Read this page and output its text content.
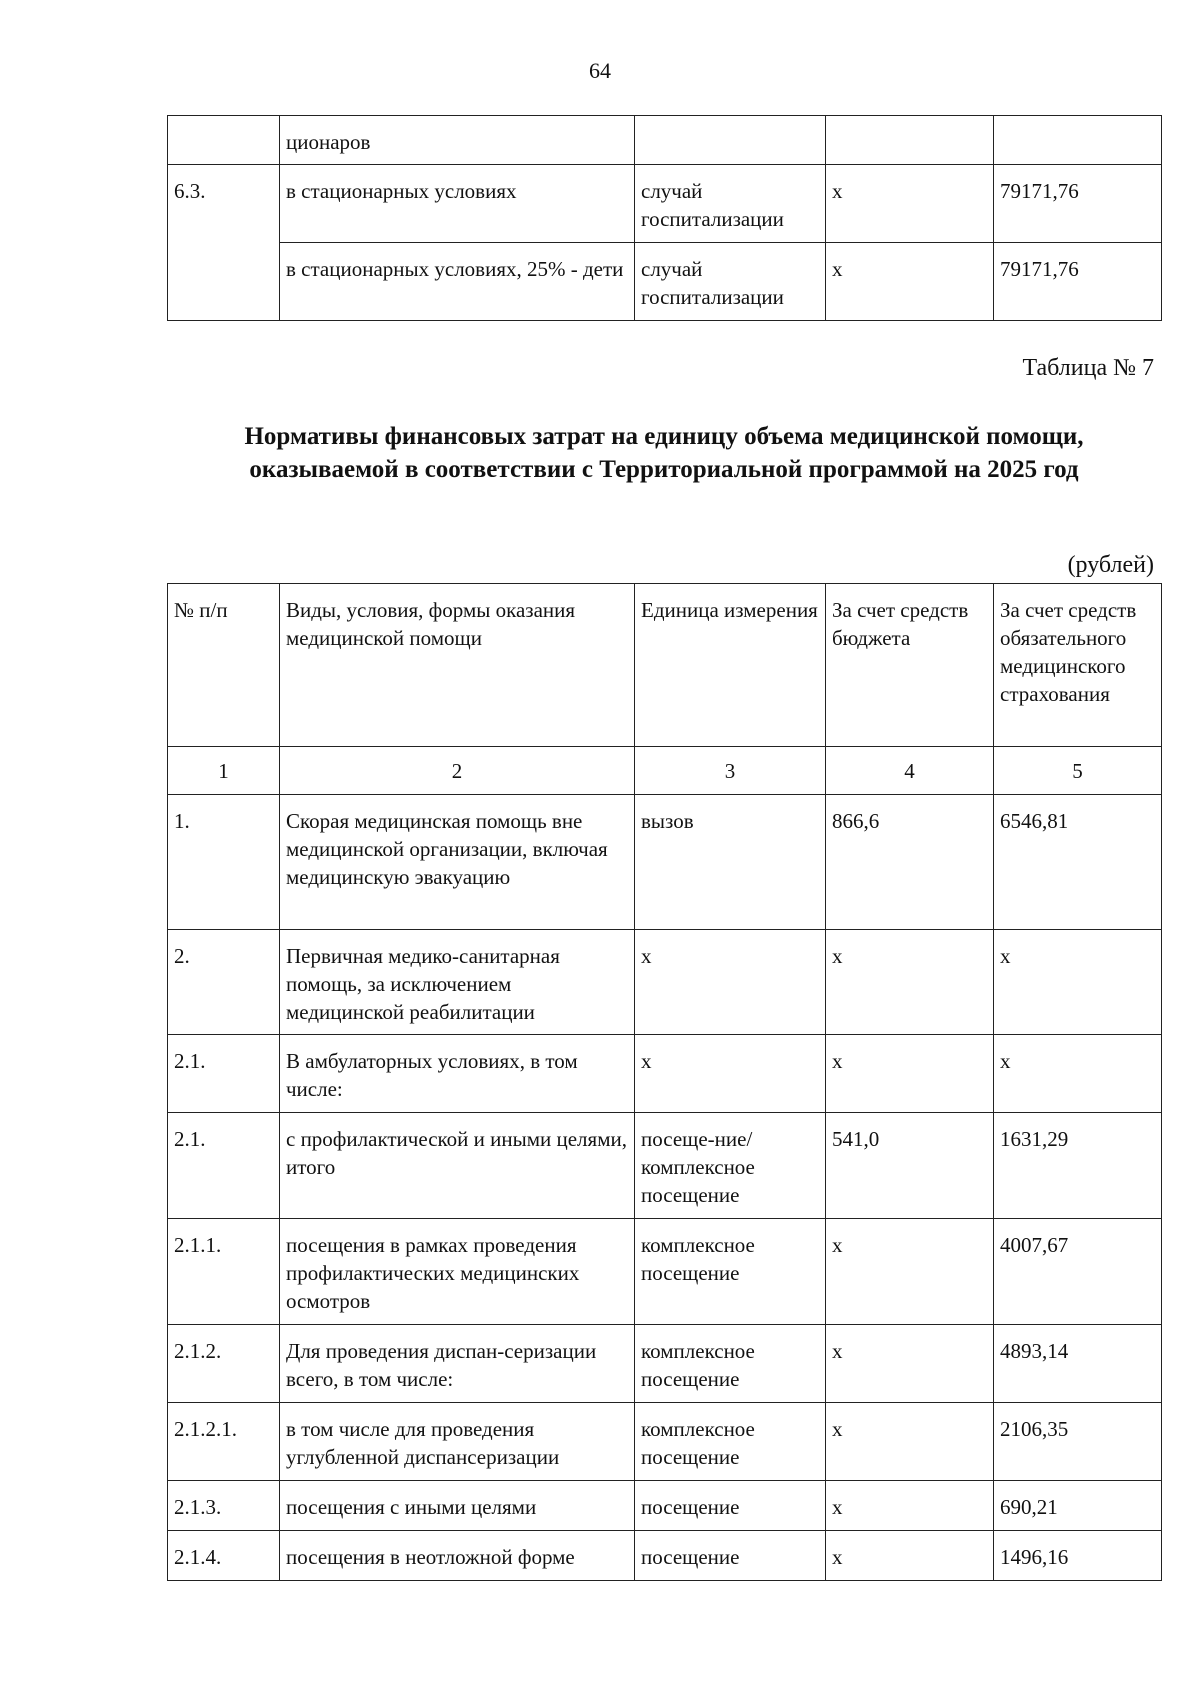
64
	ционаров			
6.3.	в стационарных условиях	случай госпитализации	х	79171,76
	в стационарных условиях, 25% - дети	случай госпитализации	х	79171,76
Таблица № 7
Нормативы финансовых затрат на единицу объема медицинской помощи, оказываемой в соответствии с Территориальной программой на 2025 год
(рублей)
№ п/п	Виды, условия, формы оказания медицинской помощи	Единица измерения	За счет средств бюджета	За счет средств обязательного медицинского страхования
1	2	3	4	5
1.	Скорая медицинская помощь вне медицинской организации, включая медицинскую эвакуацию	вызов	866,6	6546,81
2.	Первичная медико-санитарная помощь, за исключением медицинской реабилитации	х	х	х
2.1.	В амбулаторных условиях, в том числе:	х	х	х
2.1.	с профилактической и иными целями, итого	посеще-ние/комплексное посещение	541,0	1631,29
2.1.1.	посещения в рамках проведения профилактических медицинских осмотров	комплексное посещение	х	4007,67
2.1.2.	Для проведения диспан-серизации всего, в том числе:	комплексное посещение	х	4893,14
2.1.2.1.	в том числе для проведения углубленной диспансеризации	комплексное посещение	х	2106,35
2.1.3.	посещения с иными целями	посещение	х	690,21
2.1.4.	посещения в неотложной форме	посещение	х	1496,16
